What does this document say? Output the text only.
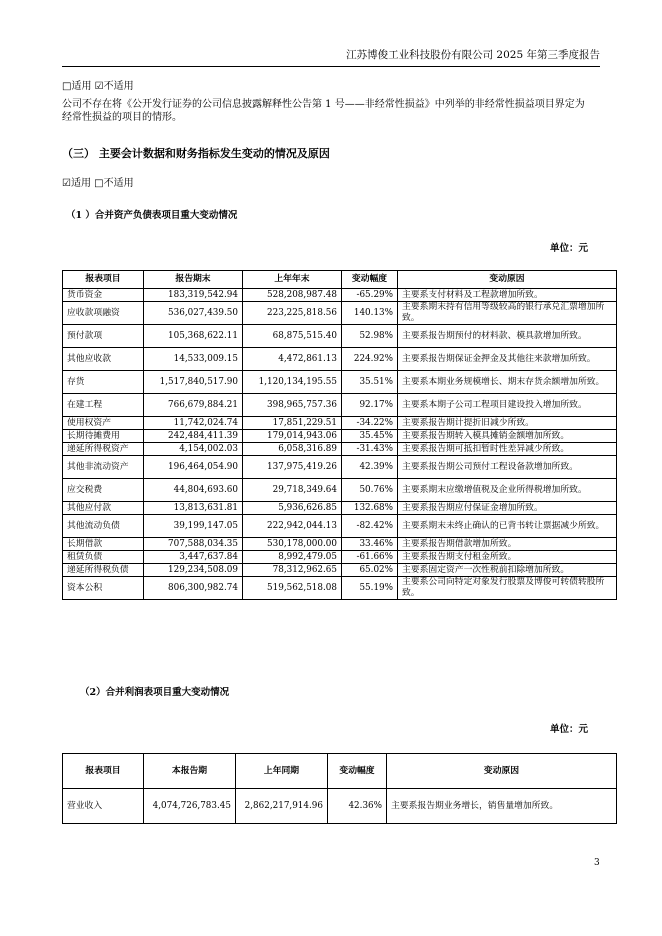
江苏博俊工业科技股份有限公司 2025 年第三季度报告
□适用 ☑不适用
公司不存在将《公开发行证券的公司信息披露解释性公告第 1 号——非经常性损益》中列举的非经常性损益项目界定为
经常性损益的项目的情形。
（三） 主要会计数据和财务指标发生变动的情况及原因
☑适用 □不适用
（1 ）合并资产负债表项目重大变动情况
单位：元
报表项目	报告期末	上年年末	变动幅度	变动原因
货币资金	183,319,542.94	528,208,987.48	-65.29%	主要系支付材料及工程款增加所致。
应收款项融资	536,027,439.50	223,225,818.56	140.13%	主要系期末持有信用等级较高的银行承兑汇票增加所致。
预付款项	105,368,622.11	68,875,515.40	52.98%	主要系报告期预付的材料款、模具款增加所致。
其他应收款	14,533,009.15	4,472,861.13	224.92%	主要系报告期保证金押金及其他往来款增加所致。
存货	1,517,840,517.90	1,120,134,195.55	35.51%	主要系本期业务规模增长、期末存货余额增加所致。
在建工程	766,679,884.21	398,965,757.36	92.17%	主要系本期子公司工程项目建设投入增加所致。
使用权资产	11,742,024.74	17,851,229.51	-34.22%	主要系报告期计提折旧减少所致。
长期待摊费用	242,484,411.39	179,014,943.06	35.45%	主要系报告期转入模具摊销金额增加所致。
递延所得税资产	4,154,002.03	6,058,316.89	-31.43%	主要系报告期可抵扣暂时性差异减少所致。
其他非流动资产	196,464,054.90	137,975,419.26	42.39%	主要系报告期公司预付工程设备款增加所致。
应交税费	44,804,693.60	29,718,349.64	50.76%	主要系期末应缴增值税及企业所得税增加所致。
其他应付款	13,813,631.81	5,936,626.85	132.68%	主要系报告期应付保证金增加所致。
其他流动负债	39,199,147.05	222,942,044.13	-82.42%	主要系期末未终止确认的已背书转让票据减少所致。
长期借款	707,588,034.35	530,178,000.00	33.46%	主要系报告期借款增加所致。
租赁负债	3,447,637.84	8,992,479.05	-61.66%	主要系报告期支付租金所致。
递延所得税负债	129,234,508.09	78,312,962.65	65.02%	主要系固定资产一次性税前扣除增加所致。
资本公积	806,300,982.74	519,562,518.08	55.19%	主要系公司向特定对象发行股票及博俊可转债转股所致。
（2）合并利润表项目重大变动情况
单位：元
报表项目	本报告期	上年同期	变动幅度	变动原因
营业收入	4,074,726,783.45	2,862,217,914.96	42.36%	主要系报告期业务增长，销售量增加所致。
3
